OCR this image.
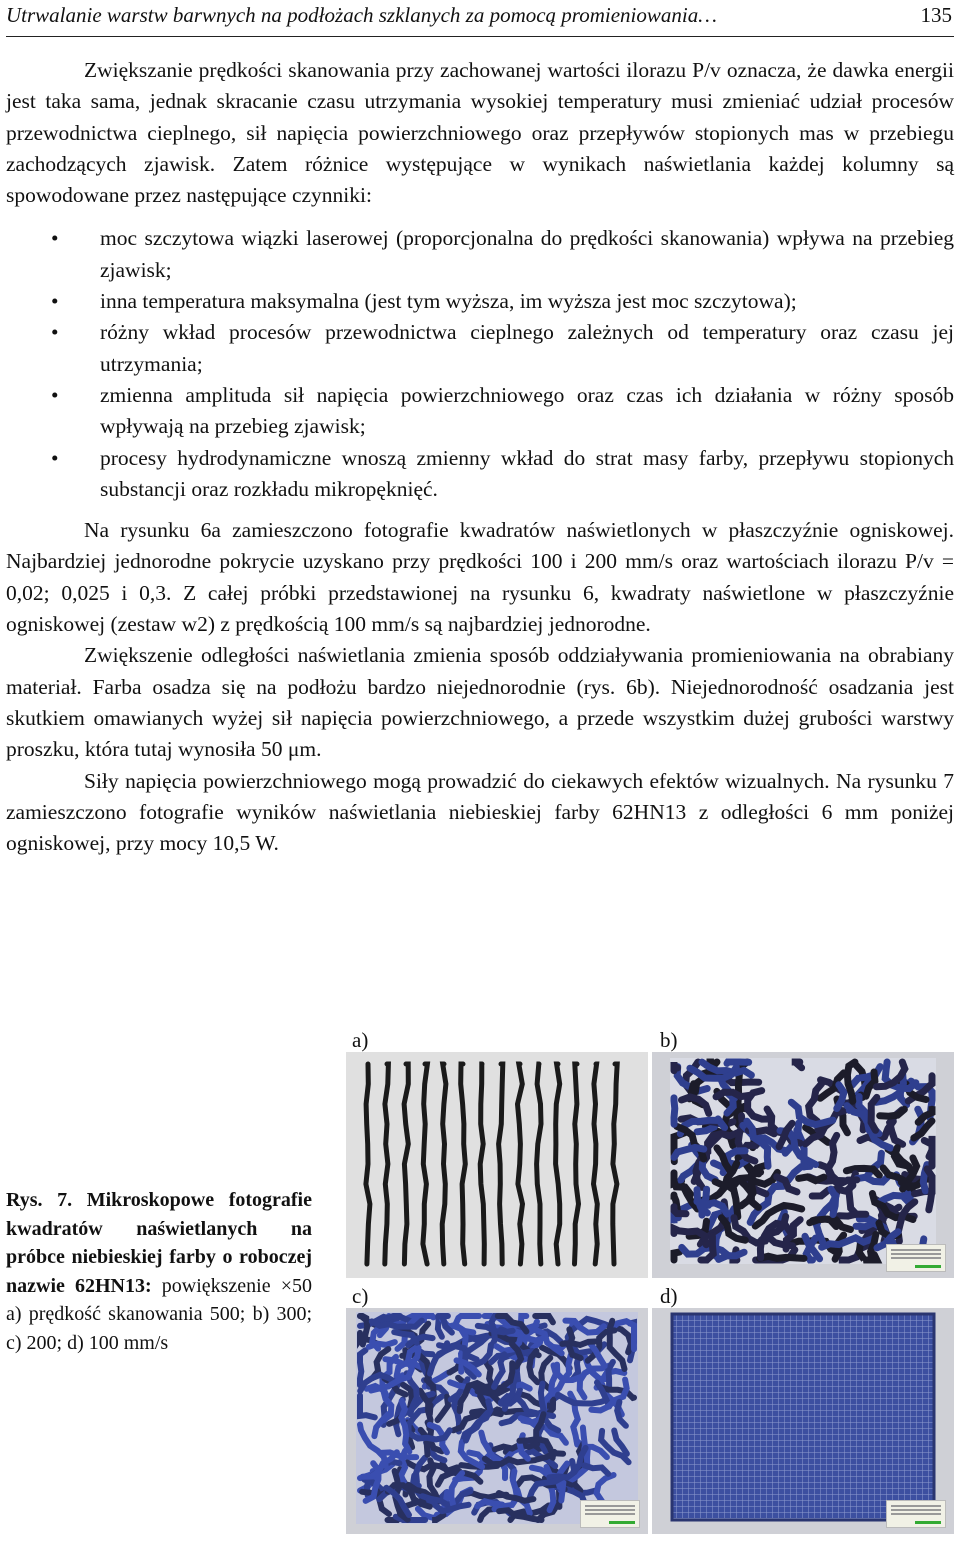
Utrwalanie warstw barwnych na podłożach szklanych za pomocą promieniowania…	135

Zwiększanie prędkości skanowania przy zachowanej wartości ilorazu P/v oznacza, że dawka energii jest taka sama, jednak skracanie czasu utrzymania wysokiej temperatury musi zmieniać udział procesów przewodnictwa cieplnego, sił napięcia powierzchniowego oraz przepływów stopionych mas w przebiegu zachodzących zjawisk. Zatem różnice występujące w wynikach naświetlania każdej kolumny są spowodowane przez następujące czynniki:

• moc szczytowa wiązki laserowej (proporcjonalna do prędkości skanowania) wpływa na przebieg zjawisk;
• inna temperatura maksymalna (jest tym wyższa, im wyższa jest moc szczytowa);
• różny wkład procesów przewodnictwa cieplnego zależnych od temperatury oraz czasu jej utrzymania;
• zmienna amplituda sił napięcia powierzchniowego oraz czas ich działania w różny sposób wpływają na przebieg zjawisk;
• procesy hydrodynamiczne wnoszą zmienny wkład do strat masy farby, przepływu stopionych substancji oraz rozkładu mikropęknięć.

Na rysunku 6a zamieszczono fotografie kwadratów naświetlonych w płaszczyźnie ogniskowej. Najbardziej jednorodne pokrycie uzyskano przy prędkości 100 i 200 mm/s oraz wartościach ilorazu P/v = 0,02; 0,025 i 0,3. Z całej próbki przedstawionej na rysunku 6, kwadraty naświetlone w płaszczyźnie ogniskowej (zestaw w2) z prędkością 100 mm/s są najbardziej jednorodne.

Zwiększenie odległości naświetlania zmienia sposób oddziaływania promieniowania na obrabiany materiał. Farba osadza się na podłożu bardzo niejednorodnie (rys. 6b). Niejednorodność osadzania jest skutkiem omawianych wyżej sił napięcia powierzchniowego, a przede wszystkim dużej grubości warstwy proszku, która tutaj wynosiła 50 μm.

Siły napięcia powierzchniowego mogą prowadzić do ciekawych efektów wizualnych. Na rysunku 7 zamieszczono fotografie wyników naświetlania niebieskiej farby 62HN13 z odległości 6 mm poniżej ogniskowej, przy mocy 10,5 W.

a)	b)
c)	d)
Rys. 7. Mikroskopowe fotografie kwadratów naświetlanych na próbce niebieskiej farby o roboczej nazwie 62HN13: powiększenie ×50 a) prędkość skanowania 500; b) 300; c) 200; d) 100 mm/s
